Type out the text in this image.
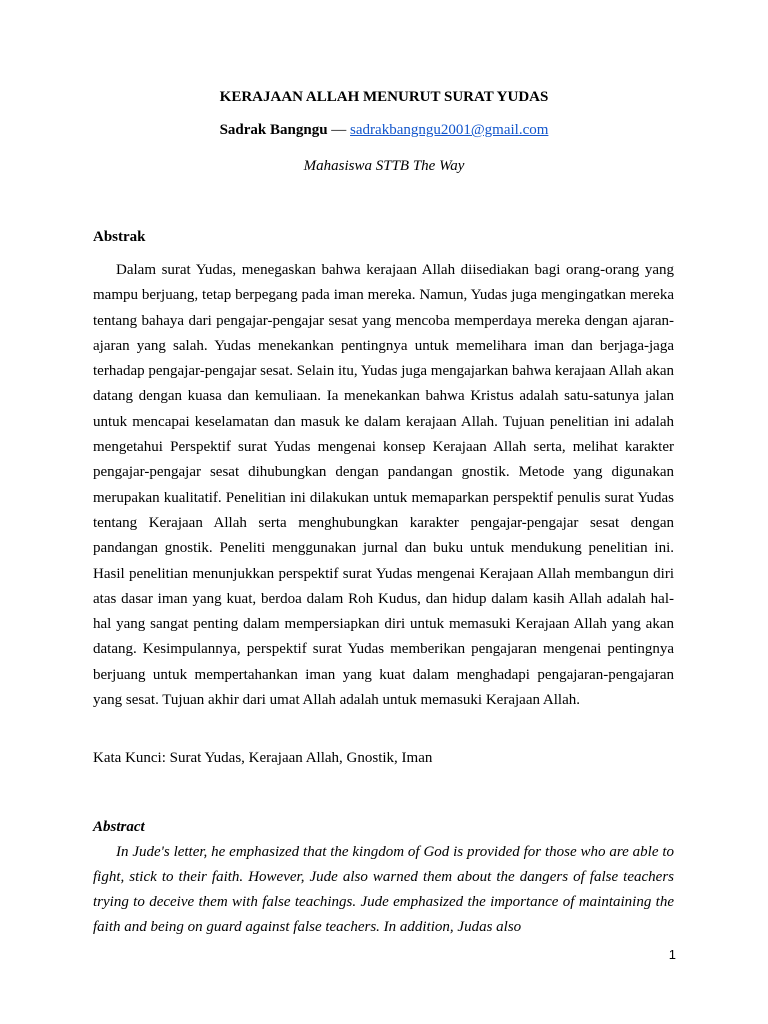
KERAJAAN ALLAH MENURUT SURAT YUDAS
Sadrak Bangngu — sadrakbangngu2001@gmail.com
Mahasiswa STTB The Way
Abstrak

Dalam surat Yudas, menegaskan bahwa kerajaan Allah diisediakan bagi orang-orang yang mampu berjuang, tetap berpegang pada iman mereka. Namun, Yudas juga mengingatkan mereka tentang bahaya dari pengajar-pengajar sesat yang mencoba memperdaya mereka dengan ajaran-ajaran yang salah. Yudas menekankan pentingnya untuk memelihara iman dan berjaga-jaga terhadap pengajar-pengajar sesat. Selain itu, Yudas juga mengajarkan bahwa kerajaan Allah akan datang dengan kuasa dan kemuliaan. Ia menekankan bahwa Kristus adalah satu-satunya jalan untuk mencapai keselamatan dan masuk ke dalam kerajaan Allah. Tujuan penelitian ini adalah mengetahui Perspektif surat Yudas mengenai konsep Kerajaan Allah serta, melihat karakter pengajar-pengajar sesat dihubungkan dengan pandangan gnostik. Metode yang digunakan merupakan kualitatif. Penelitian ini dilakukan untuk memaparkan perspektif penulis surat Yudas tentang Kerajaan Allah serta menghubungkan karakter pengajar-pengajar sesat dengan pandangan gnostik. Peneliti menggunakan jurnal dan buku untuk mendukung penelitian ini. Hasil penelitian menunjukkan perspektif surat Yudas mengenai Kerajaan Allah membangun diri atas dasar iman yang kuat, berdoa dalam Roh Kudus, dan hidup dalam kasih Allah adalah hal-hal yang sangat penting dalam mempersiapkan diri untuk memasuki Kerajaan Allah yang akan datang. Kesimpulannya, perspektif surat Yudas memberikan pengajaran mengenai pentingnya berjuang untuk mempertahankan iman yang kuat dalam menghadapi pengajaran-pengajaran yang sesat. Tujuan akhir dari umat Allah adalah untuk memasuki Kerajaan Allah.

Kata Kunci: Surat Yudas, Kerajaan Allah, Gnostik, Iman
Abstract

In Jude's letter, he emphasized that the kingdom of God is provided for those who are able to fight, stick to their faith. However, Jude also warned them about the dangers of false teachers trying to deceive them with false teachings. Jude emphasized the importance of maintaining the faith and being on guard against false teachers. In addition, Judas also

1
